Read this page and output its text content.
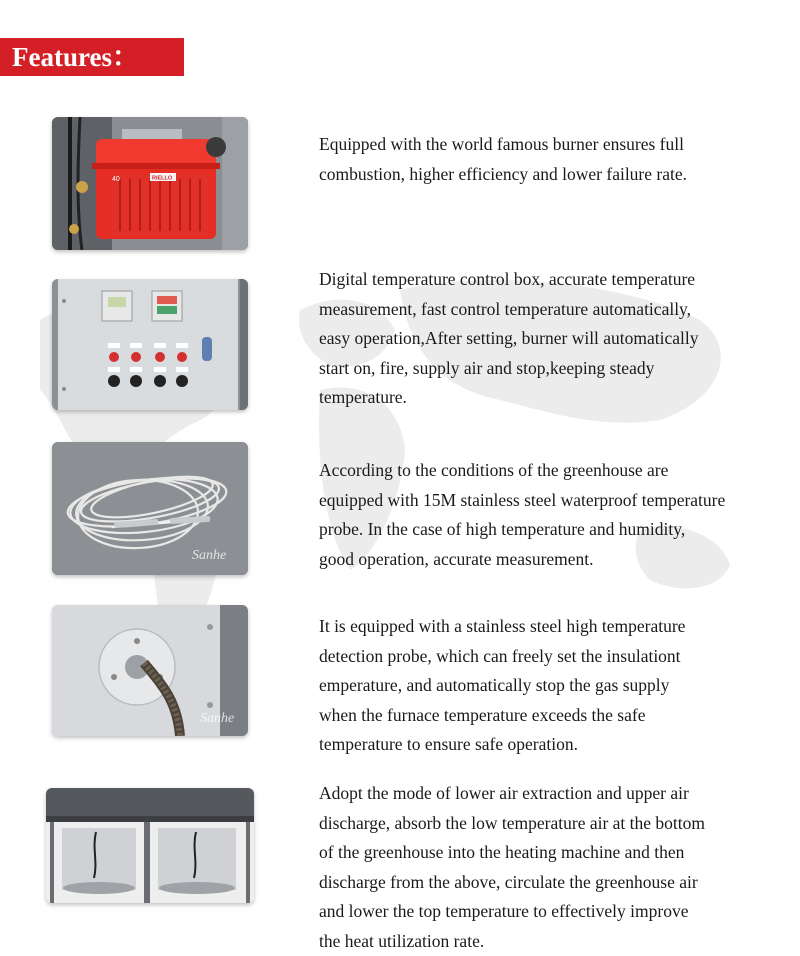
Features：
40	RIELLO
Sanhe
Sanhe
Equipped with the world famous burner ensures full
combustion, higher efficiency and lower failure rate.
Digital temperature control box, accurate temperature
measurement, fast control temperature automatically,
easy operation,After setting, burner will automatically
start on, fire, supply air and stop,keeping steady
temperature.
According to the conditions of the greenhouse are
equipped with 15M stainless steel waterproof temperature
probe. In the case of high temperature and humidity,
good operation, accurate measurement.
It is equipped with a stainless steel high temperature
detection probe, which can freely set the insulationt
emperature, and automatically stop the gas supply
when the furnace temperature exceeds the safe
temperature to ensure safe operation.
Adopt the mode of lower air extraction and upper air
discharge, absorb the low temperature air at the bottom
of the greenhouse into the heating machine and then
discharge from the above, circulate the greenhouse air
and lower the top temperature to effectively improve
the heat utilization rate.
